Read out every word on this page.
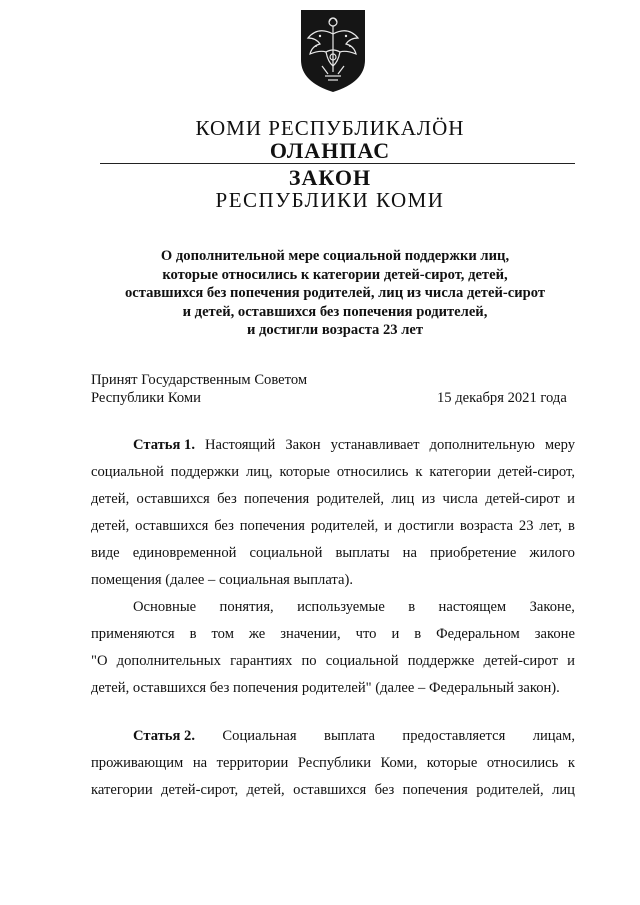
КОМИ РЕСПУБЛИКАЛӦН
ОЛАНПАС
ЗАКОН
РЕСПУБЛИКИ КОМИ
О дополнительной мере социальной поддержки лиц,
которые относились к категории детей-сирот, детей,
оставшихся без попечения родителей, лиц из числа детей-сирот
и детей, оставшихся без попечения родителей,
и достигли возраста 23 лет
Принят Государственным Советом
Республики Коми	15 декабря 2021 года
Статья 1. Настоящий Закон устанавливает дополнительную меру
социальной поддержки лиц, которые относились к категории детей-сирот,
детей, оставшихся без попечения родителей, лиц из числа детей-сирот и
детей, оставшихся без попечения родителей, и достигли возраста 23 лет, в
виде единовременной социальной выплаты на приобретение жилого
помещения (далее – социальная выплата).
Основные понятия, используемые в настоящем Законе,
применяются в том же значении, что и в Федеральном законе
"О дополнительных гарантиях по социальной поддержке детей-сирот и
детей, оставшихся без попечения родителей" (далее – Федеральный закон).
Статья 2. Социальная выплата предоставляется лицам,
проживающим на территории Республики Коми, которые относились к
категории детей-сирот, детей, оставшихся без попечения родителей, лиц
